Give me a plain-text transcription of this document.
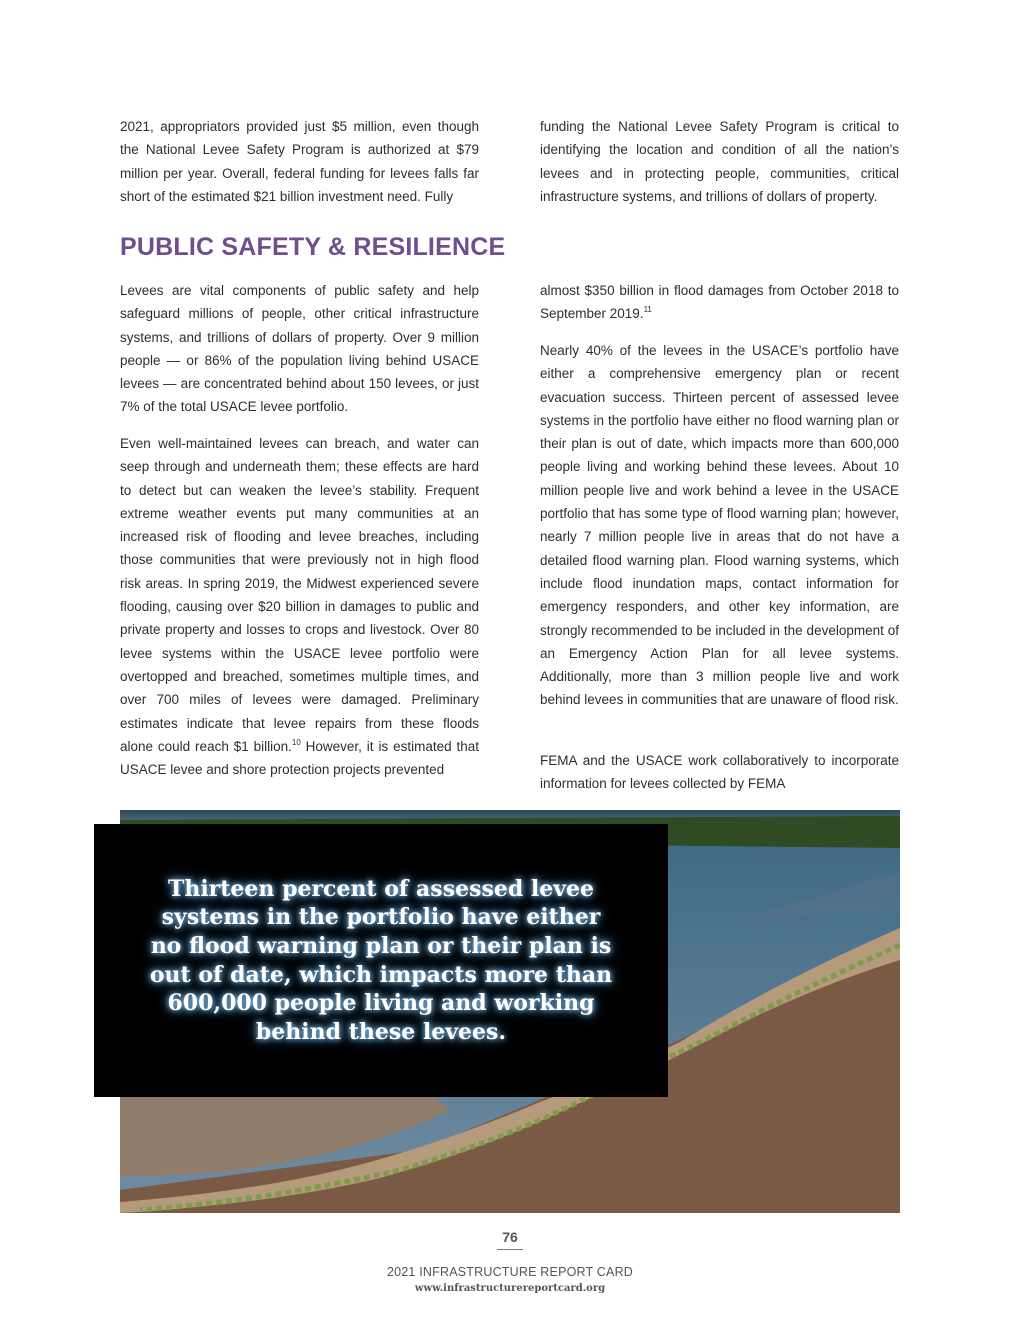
2021, appropriators provided just $5 million, even though the National Levee Safety Program is authorized at $79 million per year. Overall, federal funding for levees falls far short of the estimated $21 billion investment need. Fully

funding the National Levee Safety Program is critical to identifying the location and condition of all the nation’s levees and in protecting people, communities, critical infrastructure systems, and trillions of dollars of property.

PUBLIC SAFETY & RESILIENCE

Levees are vital components of public safety and help safeguard millions of people, other critical infrastructure systems, and trillions of dollars of property. Over 9 million people — or 86% of the population living behind USACE levees — are concentrated behind about 150 levees, or just 7% of the total USACE levee portfolio.

Even well-maintained levees can breach, and water can seep through and underneath them; these effects are hard to detect but can weaken the levee’s stability. Frequent extreme weather events put many communities at an increased risk of flooding and levee breaches, including those communities that were previously not in high flood risk areas. In spring 2019, the Midwest experienced severe flooding, causing over $20 billion in damages to public and private property and losses to crops and livestock. Over 80 levee systems within the USACE levee portfolio were overtopped and breached, sometimes multiple times, and over 700 miles of levees were damaged. Preliminary estimates indicate that levee repairs from these floods alone could reach $1 billion.$^{10}$ However, it is estimated that USACE levee and shore protection projects prevented

almost $350 billion in flood damages from October 2018 to September 2019.11

Nearly 40% of the levees in the USACE’s portfolio have either a comprehensive emergency plan or recent evacuation success. Thirteen percent of assessed levee systems in the portfolio have either no flood warning plan or their plan is out of date, which impacts more than 600,000 people living and working behind these levees. About 10 million people live and work behind a levee in the USACE portfolio that has some type of flood warning plan; however, nearly 7 million people live in areas that do not have a detailed flood warning plan. Flood warning systems, which include flood inundation maps, contact information for emergency responders, and other key information, are strongly recommended to be included in the development of an Emergency Action Plan for all levee systems. Additionally, more than 3 million people live and work behind levees in communities that are unaware of flood risk.

FEMA and the USACE work collaboratively to incorporate information for levees collected by FEMA

Thirteen percent of assessed levee systems in the portfolio have either no flood warning plan or their plan is out of date, which impacts more than 600,000 people living and working behind these levees.

76
2021 INFRASTRUCTURE REPORT CARD
www.infrastructurereportcard.org
